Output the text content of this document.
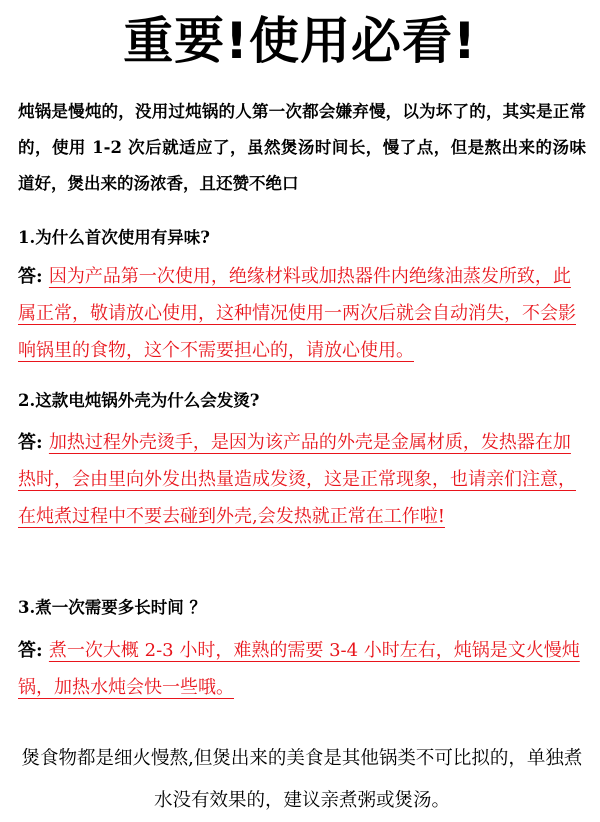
重要!使用必看!
炖锅是慢炖的，没用过炖锅的人第一次都会嫌弃慢，以为坏了的，其实是正常的，使用 1-2 次后就适应了，虽然煲汤时间长，慢了点，但是熬出来的汤味道好，煲出来的汤浓香，且还赞不绝口
1.为什么首次使用有异味?
答: 因为产品第一次使用，绝缘材料或加热器件内绝缘油蒸发所致，此属正常，敬请放心使用，这种情况使用一两次后就会自动消失，不会影响锅里的食物，这个不需要担心的，请放心使用。
2.这款电炖锅外壳为什么会发烫?
答: 加热过程外壳烫手，是因为该产品的外壳是金属材质，发热器在加热时，会由里向外发出热量造成发烫，这是正常现象，也请亲们注意，在炖煮过程中不要去碰到外壳,会发热就正常在工作啦!
3.煮一次需要多长时间 ？
答: 煮一次大概 2-3 小时，难熟的需要 3-4 小时左右，炖锅是文火慢炖锅，加热水炖会快一些哦。
煲食物都是细火慢熬,但煲出来的美食是其他锅类不可比拟的，单独煮水没有效果的，建议亲煮粥或煲汤。
